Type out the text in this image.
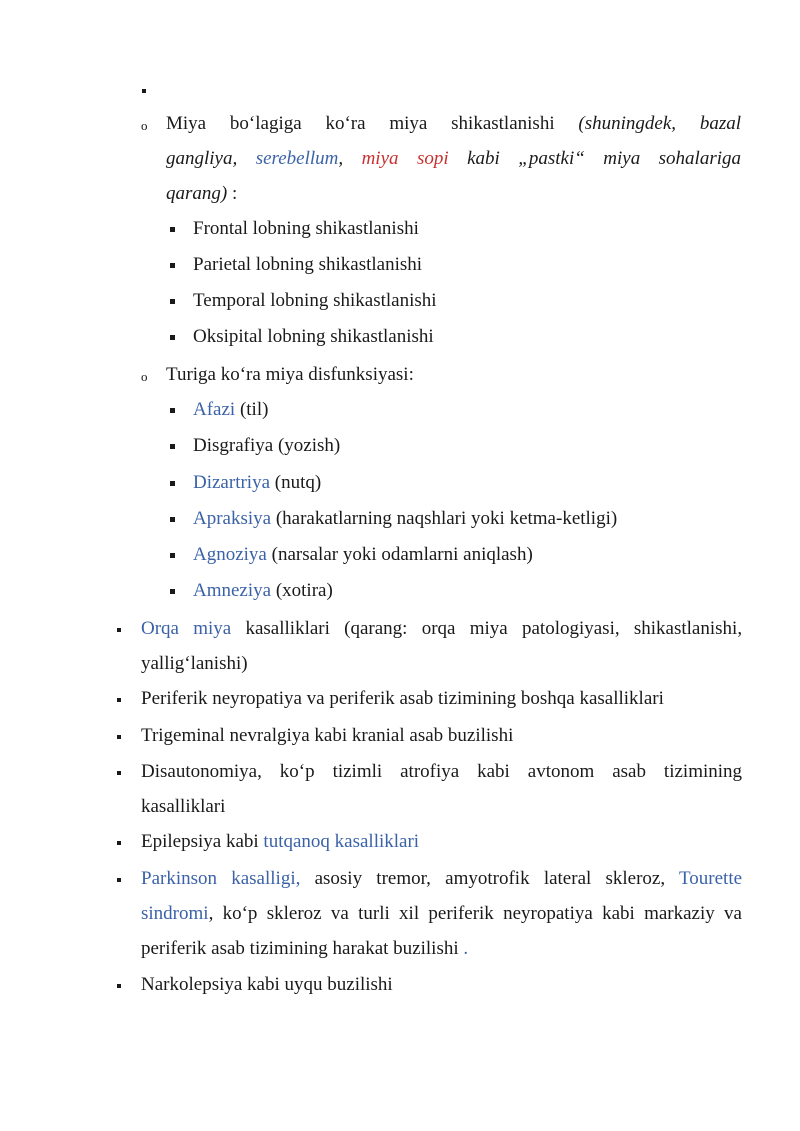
o Miya bo‘lagiga ko‘ra miya shikastlanishi (shuningdek, bazal
gangliya, serebellum, miya sopi kabi „pastki“ miya sohalariga
qarang) :
Frontal lobning shikastlanishi
Parietal lobning shikastlanishi
Temporal lobning shikastlanishi
Oksipital lobning shikastlanishi
o Turiga ko‘ra miya disfunksiyasi:
Afazi (til)
Disgrafiya (yozish)
Dizartriya (nutq)
Apraksiya (harakatlarning naqshlari yoki ketma-ketligi)
Agnoziya (narsalar yoki odamlarni aniqlash)
Amneziya (xotira)
Orqa miya kasalliklari (qarang: orqa miya patologiyasi, shikastlanishi,
yallig‘lanishi)
Periferik neyropatiya va periferik asab tizimining boshqa kasalliklari
Trigeminal nevralgiya kabi kranial asab buzilishi
Disautonomiya, ko‘p tizimli atrofiya kabi avtonom asab tizimining
kasalliklari
Epilepsiya kabi tutqanoq kasalliklari
Parkinson kasalligi, asosiy tremor, amyotrofik lateral skleroz, Tourette
sindromi, ko‘p skleroz va turli xil periferik neyropatiya kabi markaziy va
periferik asab tizimining harakat buzilishi .
Narkolepsiya kabi uyqu buzilishi
